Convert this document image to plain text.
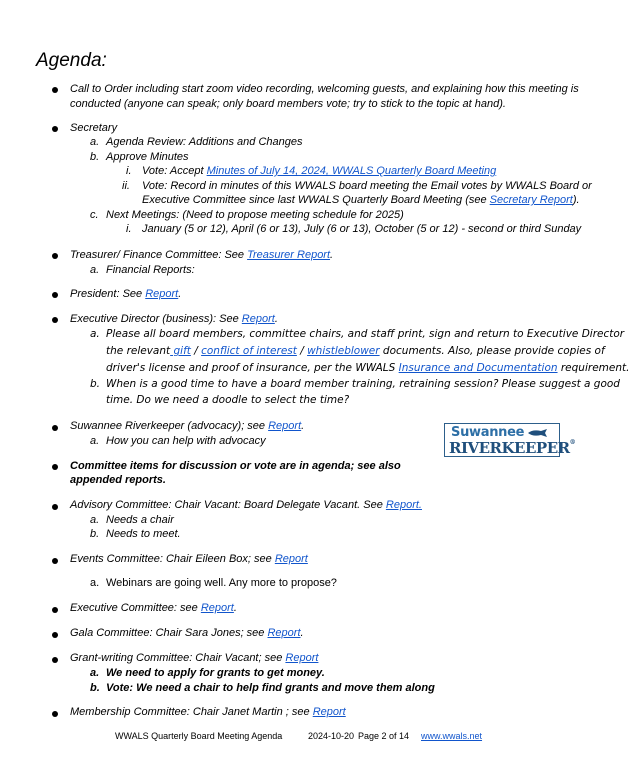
Agenda:
Call to Order including start zoom video recording, welcoming guests, and explaining how this meeting is
conducted (anyone can speak; only board members vote; try to stick to the topic at hand).
Secretary
a. Agenda Review: Additions and Changes
b. Approve Minutes
i. Vote: Accept Minutes of July 14, 2024, WWALS Quarterly Board Meeting
ii. Vote: Record in minutes of this WWALS board meeting the Email votes by WWALS Board or
Executive Committee since last WWALS Quarterly Board Meeting (see Secretary Report).
c. Next Meetings: (Need to propose meeting schedule for 2025)
i. January (5 or 12), April (6 or 13), July (6 or 13), October (5 or 12) - second or third Sunday
Treasurer/ Finance Committee: See Treasurer Report.
a. Financial Reports:
President: See Report.
Executive Director (business): See Report.
a. Please all board members, committee chairs, and staff print, sign and return to Executive Director
the relevant gift / conflict of interest / whistleblower documents. Also, please provide copies of
driver's license and proof of insurance, per the WWALS Insurance and Documentation requirement.
b. When is a good time to have a board member training, retraining session? Please suggest a good
time. Do we need a doodle to select the time?
Suwannee Riverkeeper (advocacy); see Report.
a. How you can help with advocacy
Suwannee
RIVERKEEPER®
Committee items for discussion or vote are in agenda; see also
appended reports.
Advisory Committee: Chair Vacant: Board Delegate Vacant. See Report.
a. Needs a chair
b. Needs to meet.
Events Committee: Chair Eileen Box; see Report
a. Webinars are going well. Any more to propose?
Executive Committee: see Report.
Gala Committee: Chair Sara Jones; see Report.
Grant-writing Committee: Chair Vacant; see Report
a. We need to apply for grants to get money.
b. Vote: We need a chair to help find grants and move them along
Membership Committee: Chair Janet Martin ; see Report
WWALS Quarterly Board Meeting Agenda	2024-10-20 Page 2 of 14 www.wwals.net
